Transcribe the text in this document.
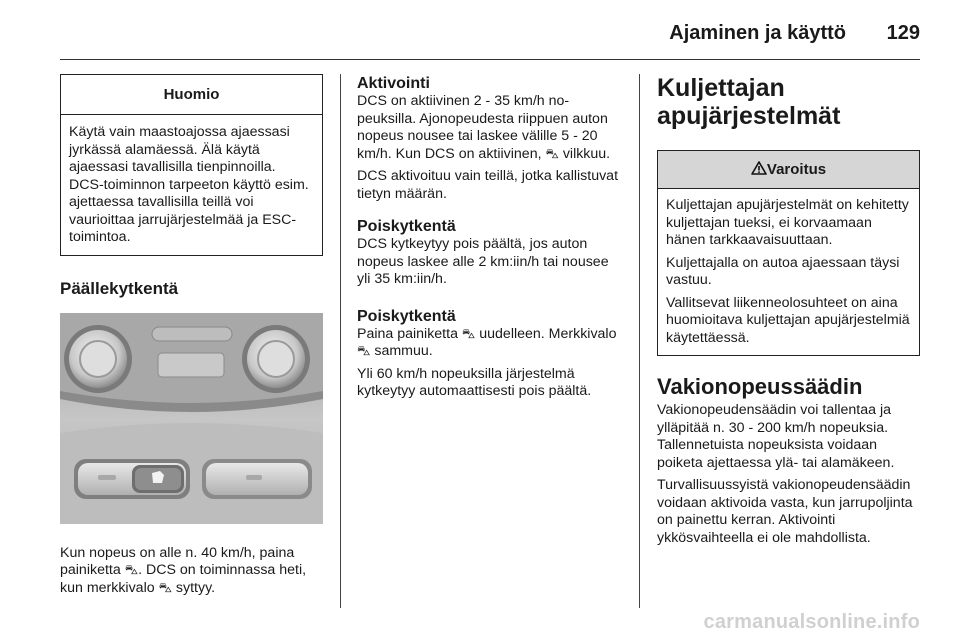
Ajaminen ja käyttö 129
Huomio
Käytä vain maastoajossa ajaessasi jyrkässä alamäessä. Älä käytä ajaessasi tavallisilla tienpinnoilla. DCS-toiminnon tarpeeton käyttö esim. ajettaessa tavallisilla teillä voi vaurioittaa jarrujärjestelmää ja ESC-toimintoa.
Päällekytkentä
Kun nopeus on alle n. 40 km/h, paina painiketta ⛍. DCS on toiminnassa heti, kun merkkivalo ⛍ syttyy.
Aktivointi

DCS on aktiivinen 2 - 35 km/h nopeuksilla. Ajonopeudesta riippuen auton nopeus nousee tai laskee välille 5 - 20 km/h. Kun DCS on aktiivinen, ⛍ vilkkuu.

DCS aktivoituu vain teillä, jotka kallistuvat tietyn määrän.

Poiskytkentä
DCS kytkeytyy pois päältä, jos auton nopeus laskee alle 2 km:iin/h tai nousee yli 35 km:iin/h.
Poiskytkentä

Paina painiketta ⛍ uudelleen. Merkkivalo ⛍ sammuu.

Yli 60 km/h nopeuksilla järjestelmä kytkeytyy automaattisesti pois päältä.

Kuljettajan apujärjestelmät
Varoitus

Kuljettajan apujärjestelmät on kehitetty kuljettajan tueksi, ei korvaamaan hänen tarkkaavaisuuttaan.

Kuljettajalla on autoa ajaessaan täysi vastuu.

Vallitsevat liikenneolosuhteet on aina huomioitava kuljettajan apujärjestelmiä käytettäessä.

Vakionopeussäädin

Vakionopeudensäädin voi tallentaa ja ylläpitää n. 30 - 200 km/h nopeuksia. Tallennetuista nopeuksista voidaan poiketa ajettaessa ylä- tai alamäkeen.

Turvallisuussyistä vakionopeudensäädin voidaan aktivoida vasta, kun jarrupoljinta on painettu kerran. Aktivointi ykkösvaihteella ei ole mahdollista.

carmanualsonline.info
